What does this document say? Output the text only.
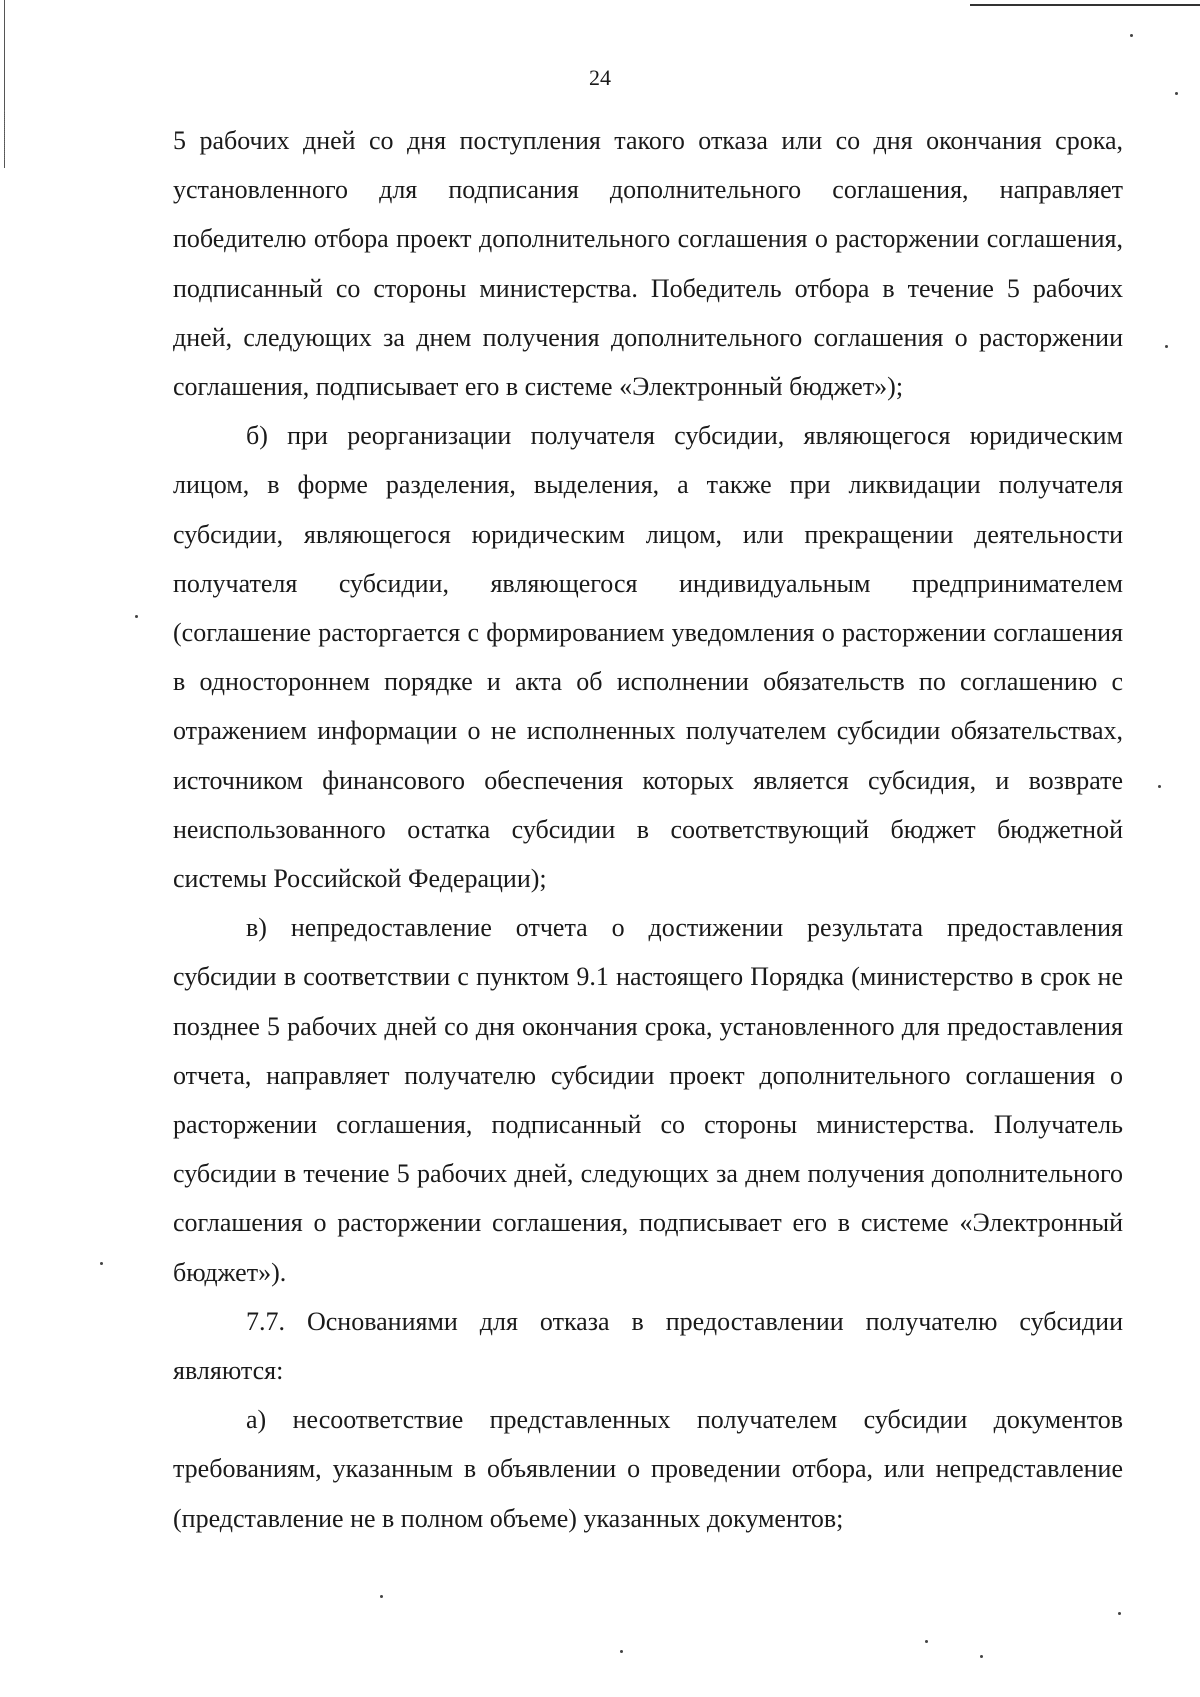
24

5 рабочих дней со дня поступления такого отказа или со дня окончания срока, установленного для подписания дополнительного соглашения, направляет победителю отбора проект дополнительного соглашения о расторжении соглашения, подписанный со стороны министерства. Победитель отбора в течение 5 рабочих дней, следующих за днем получения дополнительного соглашения о расторжении соглашения, подписывает его в системе «Электронный бюджет»);

б) при реорганизации получателя субсидии, являющегося юридическим лицом, в форме разделения, выделения, а также при ликвидации получателя субсидии, являющегося юридическим лицом, или прекращении деятельности получателя субсидии, являющегося индивидуальным предпринимателем (соглашение расторгается с формированием уведомления о расторжении соглашения в одностороннем порядке и акта об исполнении обязательств по соглашению с отражением информации о не исполненных получателем субсидии обязательствах, источником финансового обеспечения которых является субсидия, и возврате неиспользованного остатка субсидии в соответствующий бюджет бюджетной системы Российской Федерации);

в) непредоставление отчета о достижении результата предоставления субсидии в соответствии с пунктом 9.1 настоящего Порядка (министерство в срок не позднее 5 рабочих дней со дня окончания срока, установленного для предоставления отчета, направляет получателю субсидии проект дополнительного соглашения о расторжении соглашения, подписанный со стороны министерства. Получатель субсидии в течение 5 рабочих дней, следующих за днем получения дополнительного соглашения о расторжении соглашения, подписывает его в системе «Электронный бюджет»).

7.7. Основаниями для отказа в предоставлении получателю субсидии являются:

а) несоответствие представленных получателем субсидии документов требованиям, указанным в объявлении о проведении отбора, или непредставление (представление не в полном объеме) указанных документов;
